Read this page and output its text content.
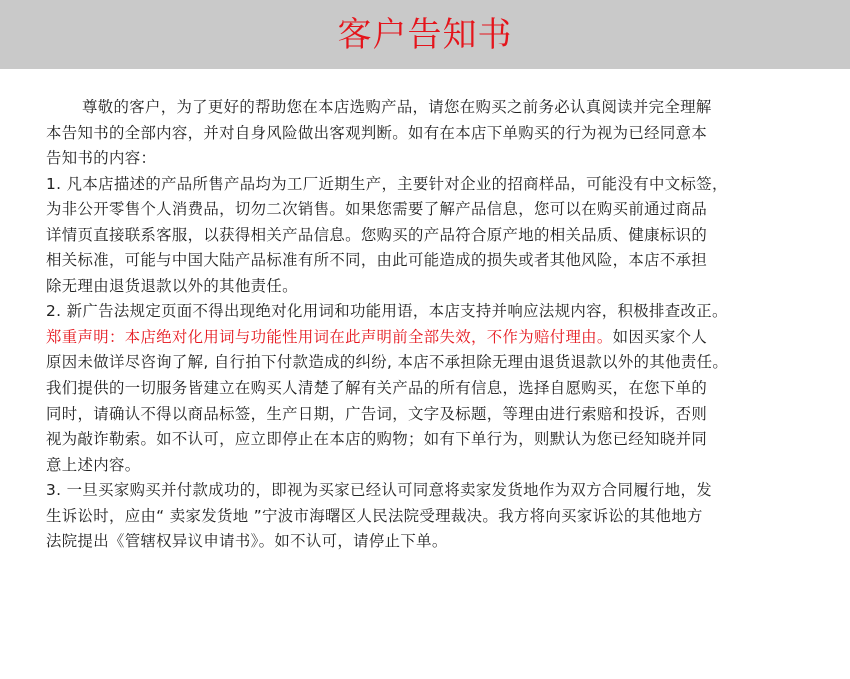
客户告知书
尊敬的客户，为了更好的帮助您在本店选购产品，请您在购买之前务必认真阅读并完全理解
本告知书的全部内容，并对自身风险做出客观判断。如有在本店下单购买的行为视为已经同意本
告知书的内容：
1. 凡本店描述的产品所售产品均为工厂近期生产，主要针对企业的招商样品，可能没有中文标签，
为非公开零售个人消费品，切勿二次销售。如果您需要了解产品信息，您可以在购买前通过商品
详情页直接联系客服，以获得相关产品信息。您购买的产品符合原产地的相关品质、健康标识的
相关标准，可能与中国大陆产品标准有所不同，由此可能造成的损失或者其他风险，本店不承担
除无理由退货退款以外的其他责任。
2. 新广告法规定页面不得出现绝对化用词和功能用语，本店支持并响应法规内容，积极排查改正。
郑重声明：本店绝对化用词与功能性用词在此声明前全部失效，不作为赔付理由。如因买家个人
原因未做详尽咨询了解, 自行拍下付款造成的纠纷, 本店不承担除无理由退货退款以外的其他责任。
我们提供的一切服务皆建立在购买人清楚了解有关产品的所有信息，选择自愿购买，在您下单的
同时，请确认不得以商品标签，生产日期，广告词，文字及标题，等理由进行索赔和投诉，否则
视为敲诈勒索。如不认可，应立即停止在本店的购物；如有下单行为，则默认为您已经知晓并同
意上述内容。
3. 一旦买家购买并付款成功的，即视为买家已经认可同意将卖家发货地作为双方合同履行地，发
生诉讼时，应由“ 卖家发货地 ”宁波市海曙区人民法院受理裁决。我方将向买家诉讼的其他地方
法院提出《管辖权异议申请书》。如不认可，请停止下单。
